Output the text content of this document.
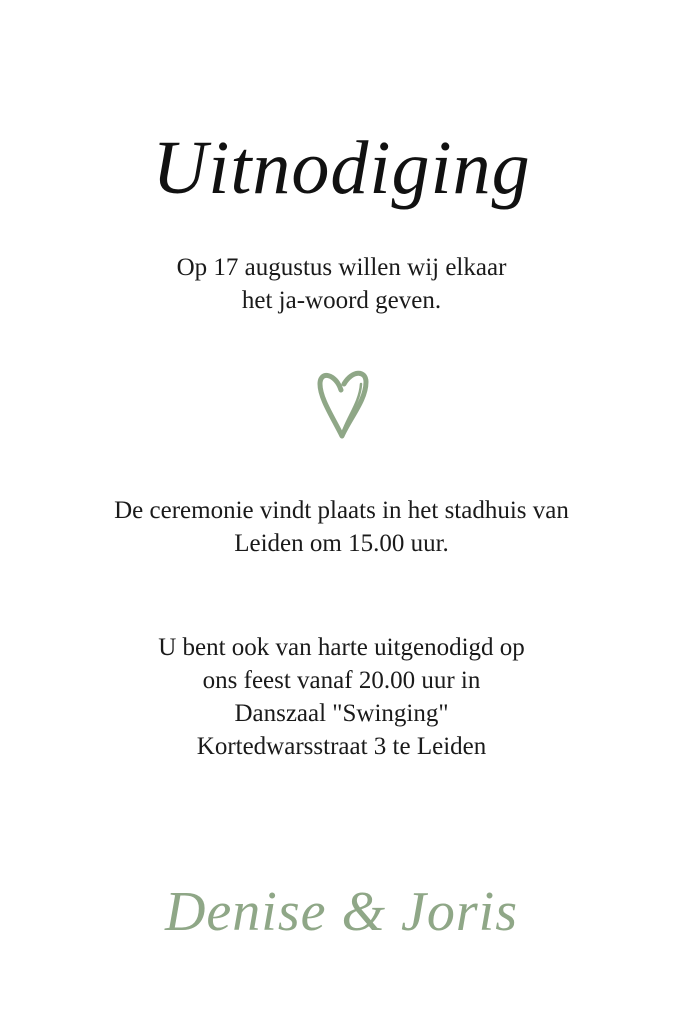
Uitnodiging
Op 17 augustus willen wij elkaar
het ja-woord geven.
De ceremonie vindt plaats in het stadhuis van
Leiden om 15.00 uur.
U bent ook van harte uitgenodigd op
ons feest vanaf 20.00 uur in
Danszaal "Swinging"
Kortedwarsstraat 3 te Leiden
Denise & Joris
